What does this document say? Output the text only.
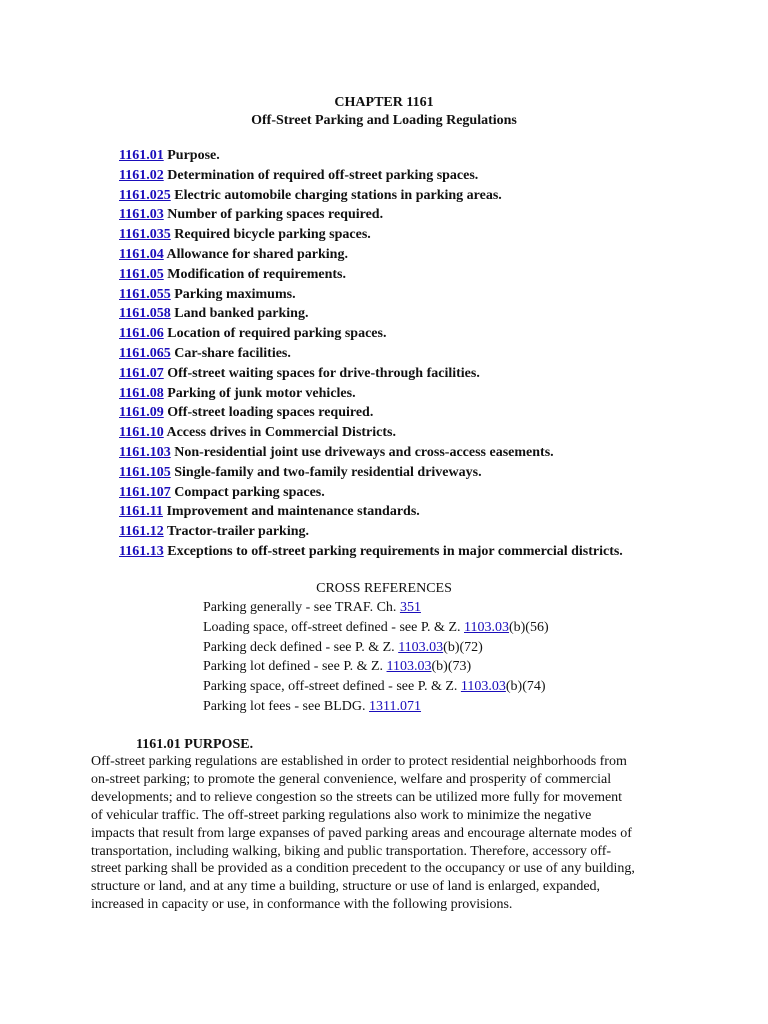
CHAPTER 1161
Off-Street Parking and Loading Regulations
1161.01 Purpose.
1161.02 Determination of required off-street parking spaces.
1161.025 Electric automobile charging stations in parking areas.
1161.03 Number of parking spaces required.
1161.035 Required bicycle parking spaces.
1161.04 Allowance for shared parking.
1161.05 Modification of requirements.
1161.055 Parking maximums.
1161.058 Land banked parking.
1161.06 Location of required parking spaces.
1161.065 Car-share facilities.
1161.07 Off-street waiting spaces for drive-through facilities.
1161.08 Parking of junk motor vehicles.
1161.09 Off-street loading spaces required.
1161.10 Access drives in Commercial Districts.
1161.103 Non-residential joint use driveways and cross-access easements.
1161.105 Single-family and two-family residential driveways.
1161.107 Compact parking spaces.
1161.11 Improvement and maintenance standards.
1161.12 Tractor-trailer parking.
1161.13 Exceptions to off-street parking requirements in major commercial districts.
CROSS REFERENCES
Parking generally - see TRAF. Ch. 351
Loading space, off-street defined - see P. & Z. 1103.03(b)(56)
Parking deck defined - see P. & Z. 1103.03(b)(72)
Parking lot defined - see P. & Z. 1103.03(b)(73)
Parking space, off-street defined - see P. & Z. 1103.03(b)(74)
Parking lot fees - see BLDG. 1311.071
1161.01 PURPOSE.

Off-street parking regulations are established in order to protect residential neighborhoods from
on-street parking; to promote the general convenience, welfare and prosperity of commercial
developments; and to relieve congestion so the streets can be utilized more fully for movement
of vehicular traffic. The off-street parking regulations also work to minimize the negative
impacts that result from large expanses of paved parking areas and encourage alternate modes of
transportation, including walking, biking and public transportation. Therefore, accessory off-
street parking shall be provided as a condition precedent to the occupancy or use of any building,
structure or land, and at any time a building, structure or use of land is enlarged, expanded,
increased in capacity or use, in conformance with the following provisions.
